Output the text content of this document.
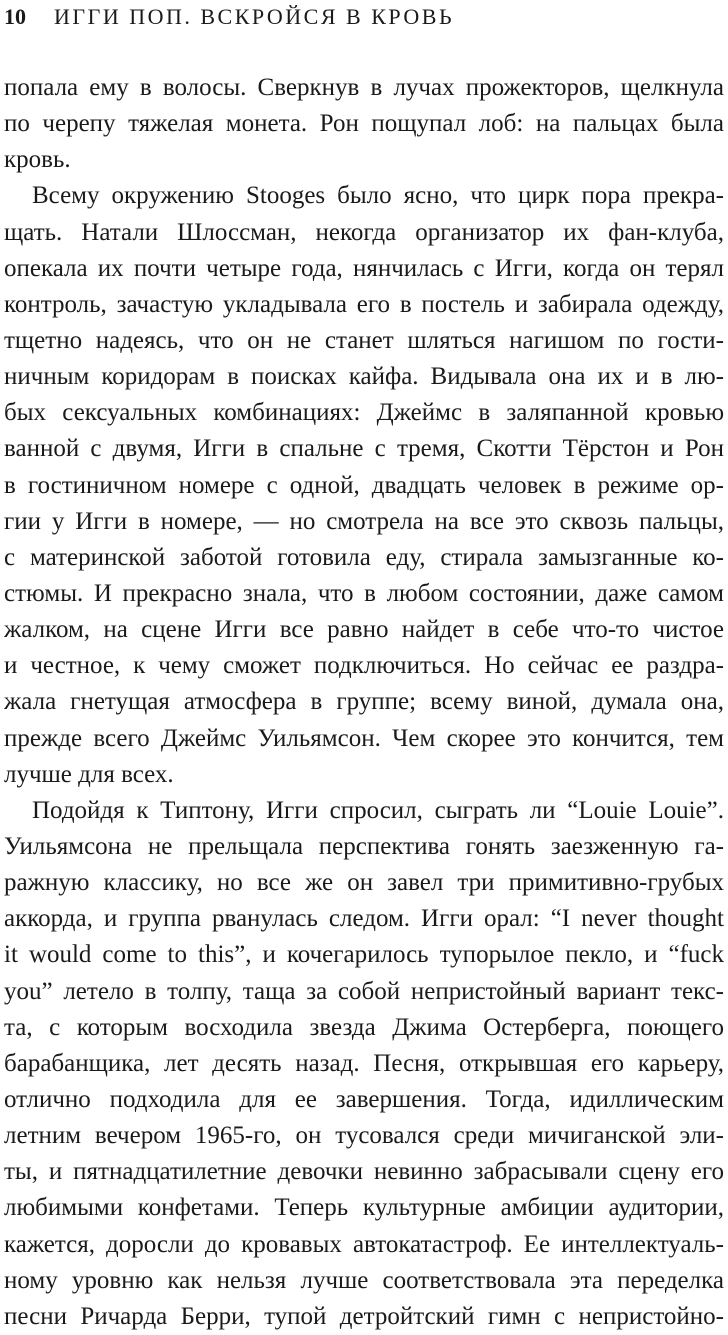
10 ИГГИ ПОП. ВСКРОЙСЯ В КРОВЬ
попала ему в волосы. Сверкнув в лучах прожекторов, щелкнула
по черепу тяжелая монета. Рон пощупал лоб: на пальцах была
кровь.
Всему окружению Stooges было ясно, что цирк пора прекра-
щать. Натали Шлоссман, некогда организатор их фан-клуба,
опекала их почти четыре года, нянчилась с Игги, когда он терял
контроль, зачастую укладывала его в постель и забирала одежду,
тщетно надеясь, что он не станет шляться нагишом по гости-
ничным коридорам в поисках кайфа. Видывала она их и в лю-
бых сексуальных комбинациях: Джеймс в заляпанной кровью
ванной с двумя, Игги в спальне с тремя, Скотти Тёрстон и Рон
в гостиничном номере с одной, двадцать человек в режиме ор-
гии у Игги в номере, — но смотрела на все это сквозь пальцы,
с материнской заботой готовила еду, стирала замызганные ко-
стюмы. И прекрасно знала, что в любом состоянии, даже самом
жалком, на сцене Игги все равно найдет в себе что-то чистое
и честное, к чему сможет подключиться. Но сейчас ее раздра-
жала гнетущая атмосфера в группе; всему виной, думала она,
прежде всего Джеймс Уильямсон. Чем скорее это кончится, тем
лучше для всех.
Подойдя к Типтону, Игги спросил, сыграть ли “Louie Louie”.
Уильямсона не прельщала перспектива гонять заезженную га-
ражную классику, но все же он завел три примитивно-грубых
аккорда, и группа рванулась следом. Игги орал: “I never thought
it would come to this”, и кочегарилось тупорылое пекло, и “fuck
you” летело в толпу, таща за собой непристойный вариант текс-
та, с которым восходила звезда Джима Остерберга, поющего
барабанщика, лет десять назад. Песня, открывшая его карьеру,
отлично подходила для ее завершения. Тогда, идиллическим
летним вечером 1965-го, он тусовался среди мичиганской эли-
ты, и пятнадцатилетние девочки невинно забрасывали сцену его
любимыми конфетами. Теперь культурные амбиции аудитории,
кажется, доросли до кровавых автокатастроф. Ее интеллектуаль-
ному уровню как нельзя лучше соответствовала эта переделка
песни Ричарда Берри, тупой детройтский гимн с непристойно-
